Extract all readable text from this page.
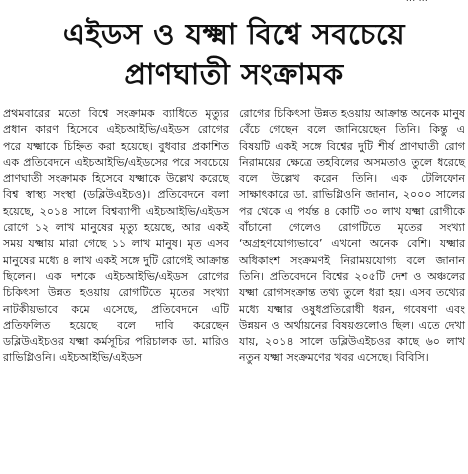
এইডস ও যক্ষ্মা বিশ্বে সবচেয়ে
প্রাণঘাতী সংক্রামক
প্রথমবারের মতো বিশ্বে সংক্রামক ব্যাধিতে মৃত্যুর প্রধান কারণ হিসেবে এইচআইভি/এইডস রোগের পরে যক্ষ্মাকে চিহ্নিত করা হয়েছে। বুধবার প্রকাশিত এক প্রতিবেদনে এইচআইভি/এইডসের পরে সবচেয়ে প্রাণঘাতী সংক্রামক হিসেবে যক্ষ্মাকে উল্লেখ করেছে বিশ্ব স্বাস্থ্য সংস্থা (ডব্লিউএইচও)। প্রতিবেদনে বলা হয়েছে, ২০১৪ সালে বিশ্বব্যাপী এইচআইভি/এইডস রোগে ১২ লাখ মানুষের মৃত্যু হয়েছে, আর একই সময় যক্ষ্মায় মারা গেছে ১১ লাখ মানুষ। মৃত এসব মানুষের মধ্যে ৪ লাখ একই সঙ্গে দুটি রোগেই আক্রান্ত ছিলেন। এক দশকে এইচআইভি/এইডস রোগের চিকিৎসা উন্নত হওয়ায় রোগটিতে মৃতের সংখ্যা নাটকীয়ভাবে কমে এসেছে, প্রতিবেদনে এটি প্রতিফলিত হয়েছে বলে দাবি করেছেন ডব্লিউএইচওর যক্ষ্মা কর্মসূচির পরিচালক ডা. মারিও রাভিগ্লিওনি। এইচআইভি/এইডস
রোগের চিকিৎসা উন্নত হওয়ায় আক্রান্ত অনেক মানুষ বেঁচে গেছেন বলে জানিয়েছেন তিনি। কিন্তু এ বিষয়টি একই সঙ্গে বিশ্বের দুটি শীর্ষ প্রাণঘাতী রোগ নিরাময়ের ক্ষেত্রে তহবিলের অসমতাও তুলে ধরেছে বলে উল্লেখ করেন তিনি। এক টেলিফোন সাক্ষাৎকারে ডা. রাভিগ্লিওনি জানান, ২০০০ সালের পর থেকে এ পর্যন্ত ৪ কোটি ৩০ লাখ যক্ষ্মা রোগীকে বাঁচানো গেলেও রোগটিতে মৃতের সংখ্যা ‘অগ্রহণযোগ্যভাবে’ এখনো অনেক বেশি। যক্ষ্মার অধিকাংশ সংক্রমণই নিরাময়যোগ্য বলে জানান তিনি। প্রতিবেদনে বিশ্বের ২০৫টি দেশ ও অঞ্চলের যক্ষ্মা রোগসংক্রান্ত তথ্য তুলে ধরা হয়। এসব তথ্যের মধ্যে যক্ষ্মার ওষুধপ্রতিরোধী ধরন, গবেষণা এবং উন্নয়ন ও অর্থায়নের বিষয়গুলোও ছিল। এতে দেখা যায়, ২০১৪ সালে ডব্লিউএইচওর কাছে ৬০ লাখ নতুন যক্ষ্মা সংক্রমণের খবর এসেছে। বিবিসি।
